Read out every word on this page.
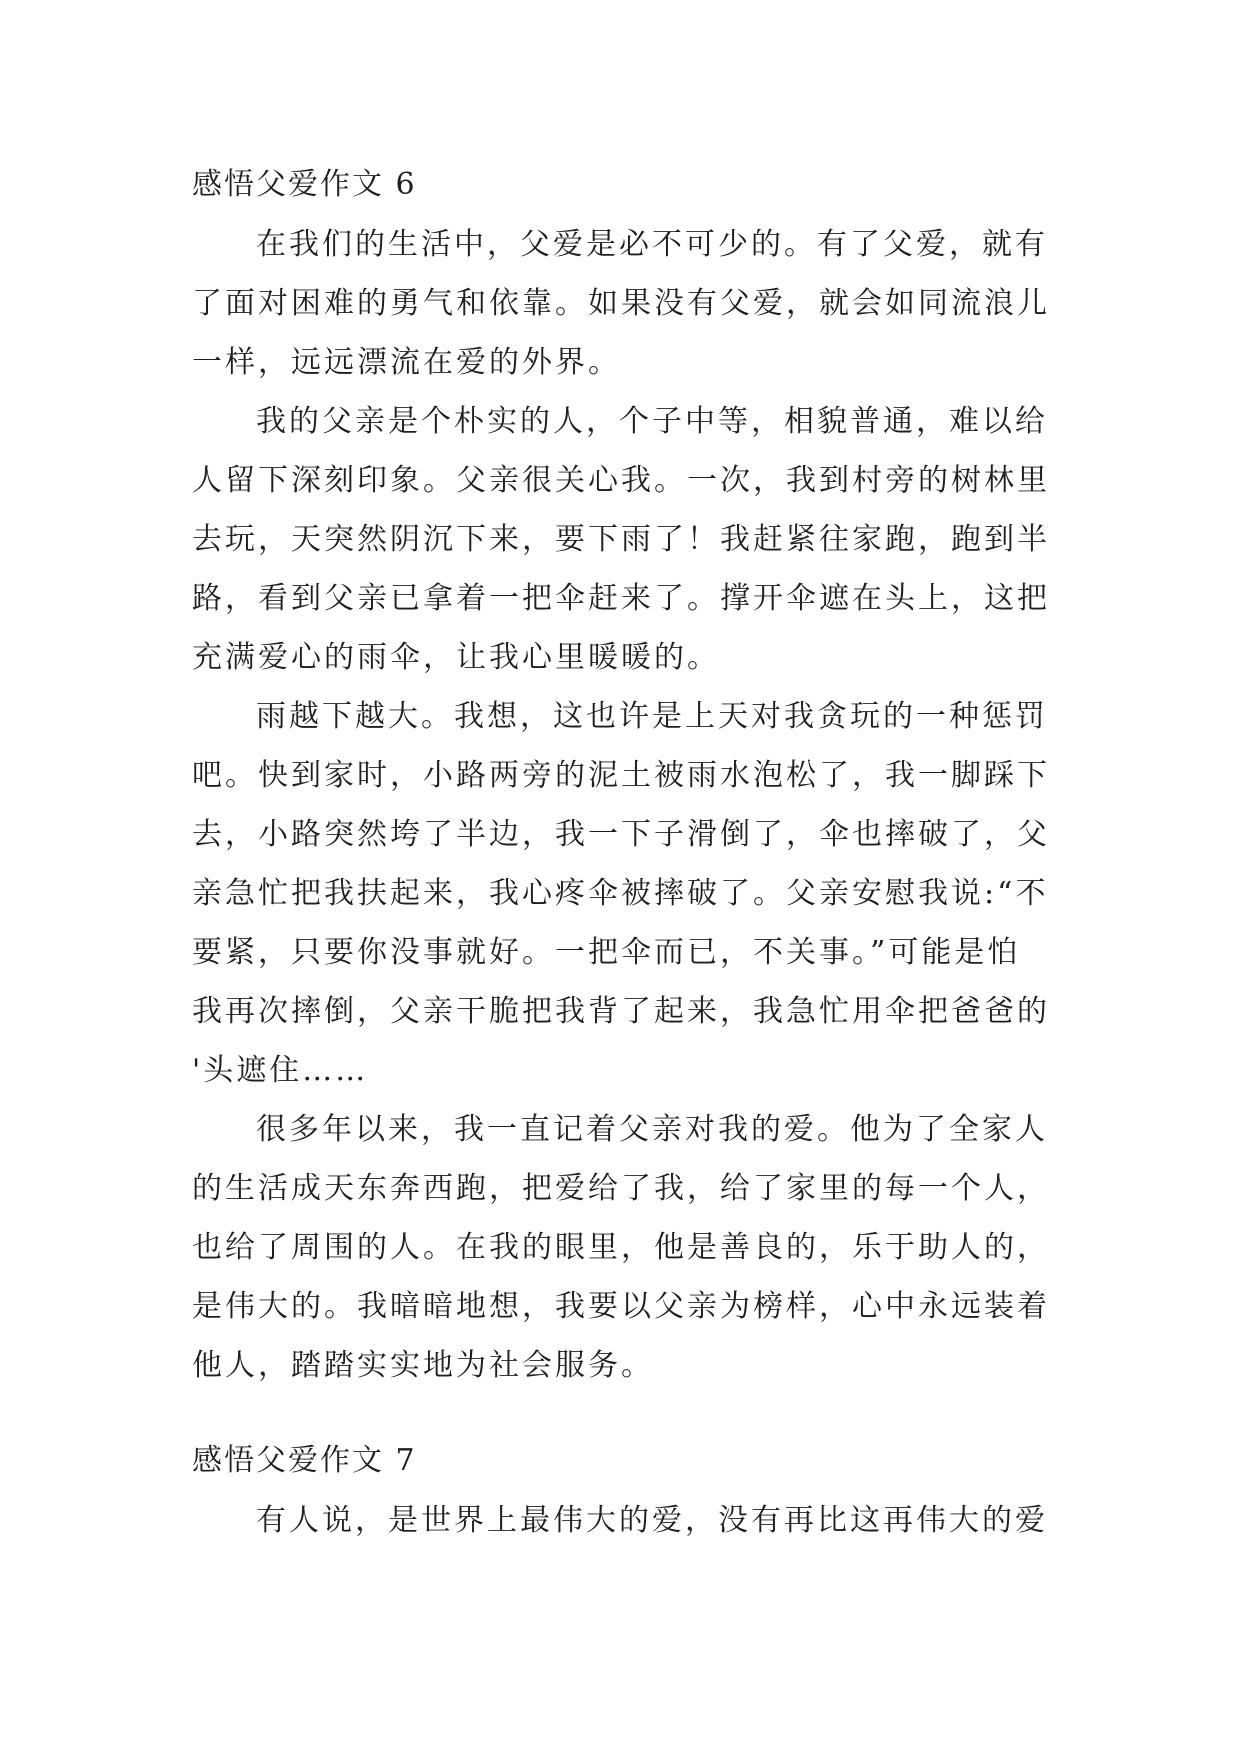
感悟父爱作文 6
在我们的生活中，父爱是必不可少的。有了父爱，就有
了面对困难的勇气和依靠。如果没有父爱，就会如同流浪儿
一样，远远漂流在爱的外界。
我的父亲是个朴实的人，个子中等，相貌普通，难以给
人留下深刻印象。父亲很关心我。一次，我到村旁的树林里
去玩，天突然阴沉下来，要下雨了！我赶紧往家跑，跑到半
路，看到父亲已拿着一把伞赶来了。撑开伞遮在头上，这把
充满爱心的雨伞，让我心里暖暖的。
雨越下越大。我想，这也许是上天对我贪玩的一种惩罚
吧。快到家时，小路两旁的泥土被雨水泡松了，我一脚踩下
去，小路突然垮了半边，我一下子滑倒了，伞也摔破了，父
亲急忙把我扶起来，我心疼伞被摔破了。父亲安慰我说:“不
要紧，只要你没事就好。一把伞而已，不关事。”可能是怕
我再次摔倒，父亲干脆把我背了起来，我急忙用伞把爸爸的
'头遮住……
很多年以来，我一直记着父亲对我的爱。他为了全家人
的生活成天东奔西跑，把爱给了我，给了家里的每一个人，
也给了周围的人。在我的眼里，他是善良的，乐于助人的，
是伟大的。我暗暗地想，我要以父亲为榜样，心中永远装着
他人，踏踏实实地为社会服务。
感悟父爱作文 7
有人说，是世界上最伟大的爱，没有再比这再伟大的爱
